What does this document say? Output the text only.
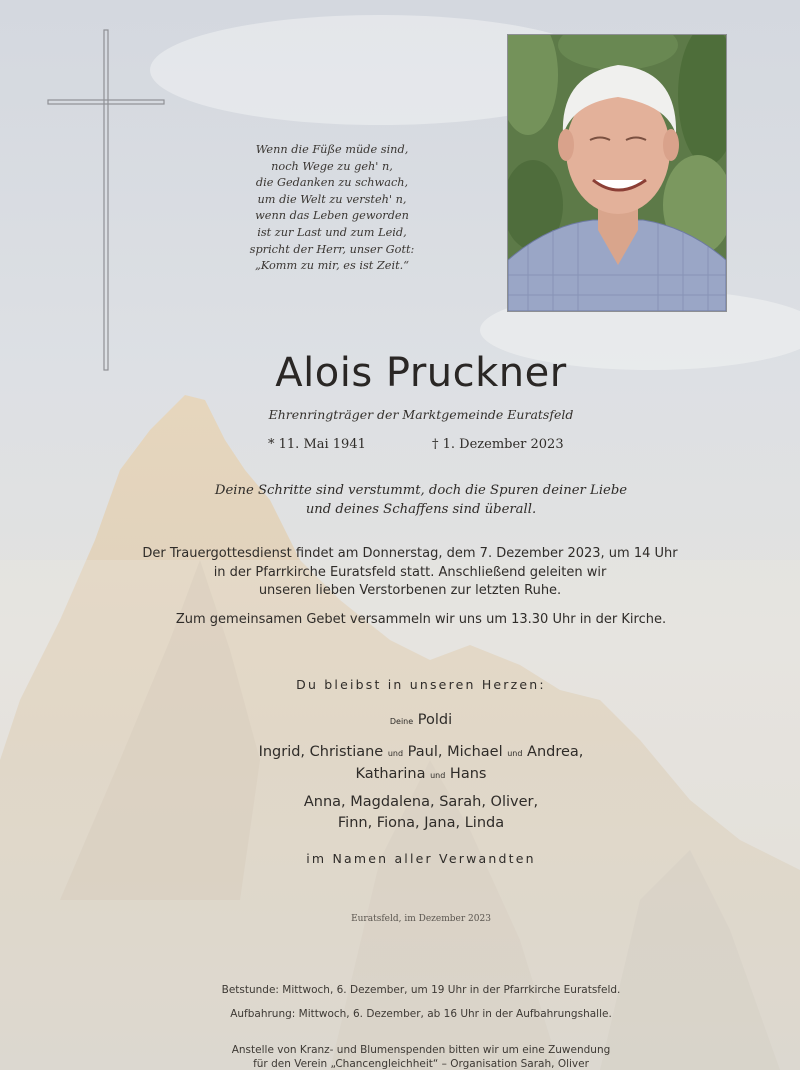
Wenn die Füße müde sind,
noch Wege zu geh' n,
die Gedanken zu schwach,
um die Welt zu versteh' n,
wenn das Leben geworden
ist zur Last und zum Leid,
spricht der Herr, unser Gott:
„Komm zu mir, es ist Zeit.“
Alois Pruckner
Ehrenringträger der Marktgemeinde Euratsfeld
* 11. Mai 1941	† 1. Dezember 2023
Deine Schritte sind verstummt, doch die Spuren deiner Liebe
und deines Schaffens sind überall.
Der Trauergottesdienst findet am Donnerstag, dem 7. Dezember 2023, um 14 Uhr
in der Pfarrkirche Euratsfeld statt. Anschließend geleiten wir
unseren lieben Verstorbenen zur letzten Ruhe.
Zum gemeinsamen Gebet versammeln wir uns um 13.30 Uhr in der Kirche.
Du bleibst in unseren Herzen:
Deine Poldi
Ingrid, Christiane und Paul, Michael und Andrea,
Katharina und Hans
Anna, Magdalena, Sarah, Oliver,
Finn, Fiona, Jana, Linda
im Namen aller Verwandten
Euratsfeld, im Dezember 2023
Betstunde: Mittwoch, 6. Dezember, um 19 Uhr in der Pfarrkirche Euratsfeld.
Aufbahrung: Mittwoch, 6. Dezember, ab 16 Uhr in der Aufbahrungshalle.
Anstelle von Kranz- und Blumenspenden bitten wir um eine Zuwendung
für den Verein „Chancengleichheit“ – Organisation Sarah, Oliver
